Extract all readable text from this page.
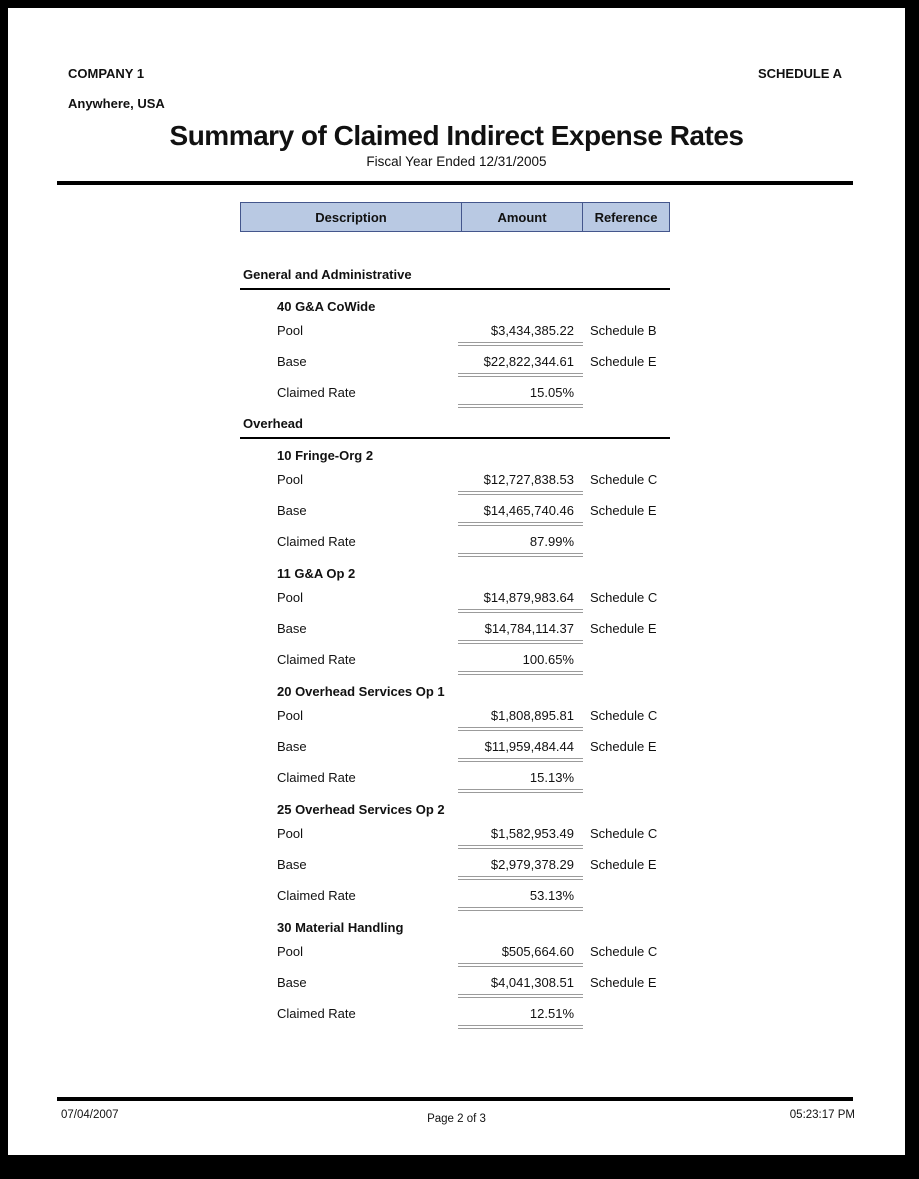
COMPANY 1	SCHEDULE A
Anywhere, USA
Summary of Claimed Indirect Expense Rates
Fiscal Year Ended 12/31/2005
Description	Amount	Reference
General and Administrative
40 G&A CoWide
Pool	$3,434,385.22	Schedule B
Base	$22,822,344.61	Schedule E
Claimed Rate	15.05%
Overhead
10 Fringe-Org 2
Pool	$12,727,838.53	Schedule C
Base	$14,465,740.46	Schedule E
Claimed Rate	87.99%
11 G&A Op 2
Pool	$14,879,983.64	Schedule C
Base	$14,784,114.37	Schedule E
Claimed Rate	100.65%
20 Overhead Services Op 1
Pool	$1,808,895.81	Schedule C
Base	$11,959,484.44	Schedule E
Claimed Rate	15.13%
25 Overhead Services Op 2
Pool	$1,582,953.49	Schedule C
Base	$2,979,378.29	Schedule E
Claimed Rate	53.13%
30 Material Handling
Pool	$505,664.60	Schedule C
Base	$4,041,308.51	Schedule E
Claimed Rate	12.51%
07/04/2007	Page 2 of 3	05:23:17 PM
